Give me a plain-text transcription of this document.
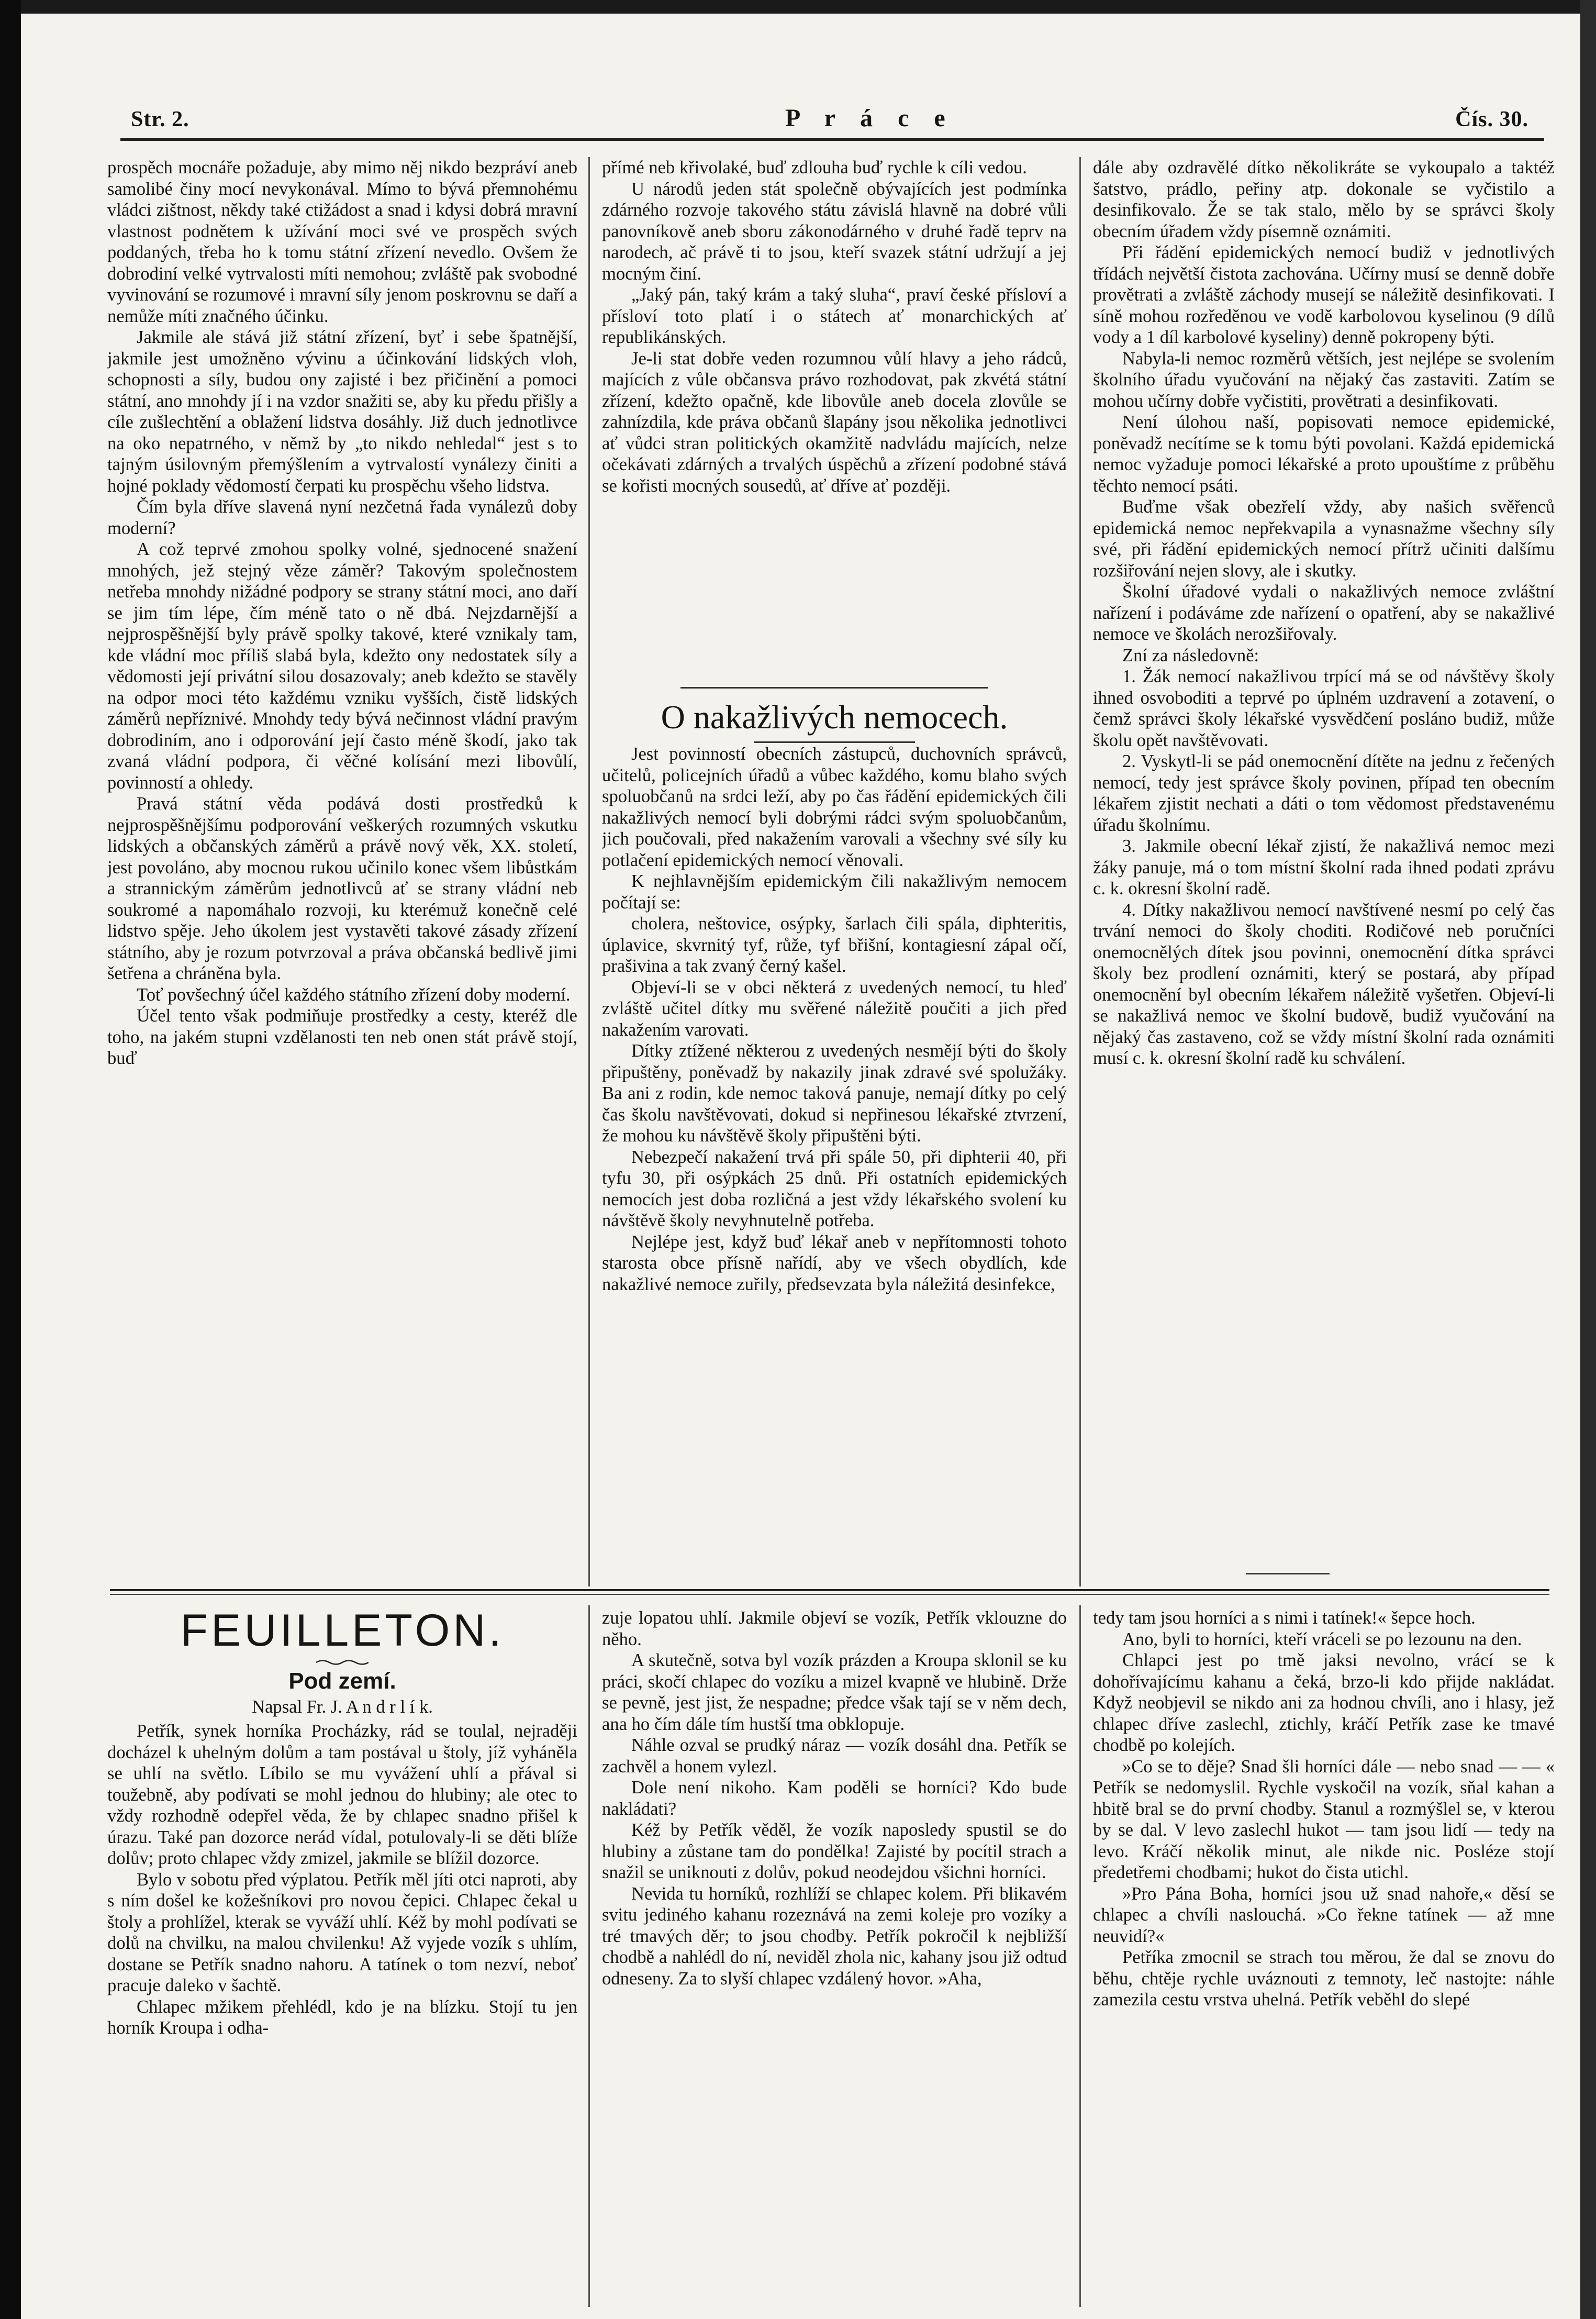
Str. 2.	P r á c e	Čís. 30.

prospěch mocnáře požaduje, aby mimo něj nikdo bezpráví aneb samolibé činy mocí nevykonával. Mímo to bývá přemnohému vládci zištnost, někdy také ctižádost a snad i kdysi dobrá mravní vlastnost podnětem k užívání moci své ve prospěch svých poddaných, třeba ho k tomu státní zřízení nevedlo. Ovšem že dobrodiní velké vytrvalosti míti nemohou; zvláště pak svobodné vyvinování se rozumové i mravní síly jenom poskrovnu se daří a nemůže míti značného účinku.

Jakmile ale stává již státní zřízení, byť i sebe špatnější, jakmile jest umožněno vývinu a účinkování lidských vloh, schopnosti a síly, budou ony zajisté i bez přičinění a pomoci státní, ano mnohdy jí i na vzdor snažiti se, aby ku předu přišly a cíle zušlechtění a oblažení lidstva dosáhly. Již duch jednotlivce na oko nepatrného, v němž by „to nikdo nehledal“ jest s to tajným úsilovným přemýšlením a vytrvalostí vynálezy činiti a hojné poklady vědomostí čerpati ku prospěchu všeho lidstva.

Čím byla dříve slavená nyní nezčetná řada vynálezů doby moderní?

A což teprvé zmohou spolky volné, sjednocené snažení mnohých, jež stejný věze záměr? Takovým společnostem netřeba mnohdy nižádné podpory se strany státní moci, ano daří se jim tím lépe, čím méně tato o ně dbá. Nejzdarnější a nejprospěšnější byly právě spolky takové, které vznikaly tam, kde vládní moc příliš slabá byla, kdežto ony nedostatek síly a vědomosti její privátní silou dosazovaly; aneb kdežto se stavěly na odpor moci této každému vzniku vyšších, čistě lidských záměrů nepříznivé. Mnohdy tedy bývá nečinnost vládní pravým dobrodiním, ano i odporování její často méně škodí, jako tak zvaná vládní podpora, či věčné kolísání mezi libovůlí, povinností a ohledy.

Pravá státní věda podává dosti prostředků k nejprospěšnějšímu podporování veškerých rozumných vskutku lidských a občanských záměrů a právě nový věk, XX. století, jest povoláno, aby mocnou rukou učinilo konec všem libůstkám a strannickým záměrům jednotlivců ať se strany vládní neb soukromé a napomáhalo rozvoji, ku kterémuž konečně celé lidstvo spěje. Jeho úkolem jest vystavěti takové zásady zřízení státního, aby je rozum potvrzoval a práva občanská bedlivě jimi šetřena a chráněna byla.

Toť povšechný účel každého státního zřízení doby moderní.

Účel tento však podmiňuje prostředky a cesty, kteréž dle toho, na jakém stupni vzdělanosti ten neb onen stát právě stojí, buď

přímé neb křivolaké, buď zdlouha buď rychle k cíli vedou.

U národů jeden stát společně obývajících jest podmínka zdárného rozvoje takového státu závislá hlavně na dobré vůli panovníkově aneb sboru zákonodárného v druhé řadě teprv na narodech, ač právě ti to jsou, kteří svazek státní udržují a jej mocným činí.

„Jaký pán, taký krám a taký sluha“, praví české přísloví a přísloví toto platí i o státech ať monarchických ať republikánských.

Je-li stat dobře veden rozumnou vůlí hlavy a jeho rádců, majících z vůle občansva právo rozhodovat, pak zkvétá státní zřízení, kdežto opačně, kde libovůle aneb docela zlovůle se zahnízdila, kde práva občanů šlapány jsou několika jednotlivci ať vůdci stran politických okamžitě nadvládu majících, nelze očekávati zdárných a trvalých úspěchů a zřízení podobné stává se kořisti mocných sousedů, ať dříve ať později.

O nakažlivých nemocech.

Jest povinností obecních zástupců, duchovních správců, učitelů, policejních úřadů a vůbec každého, komu blaho svých spoluobčanů na srdci leží, aby po čas řádění epidemických čili nakažlivých nemocí byli dobrými rádci svým spoluobčanům, jich poučovali, před nakažením varovali a všechny své síly ku potlačení epidemických nemocí věnovali.

K nejhlavnějším epidemickým čili nakažlivým nemocem počítají se:

cholera, neštovice, osýpky, šarlach čili spála, diphteritis, úplavice, skvrnitý tyf, růže, tyf břišní, kontagiesní zápal očí, prašivina a tak zvaný černý kašel.

Objeví-li se v obci některá z uvedených nemocí, tu hleď zvláště učitel dítky mu svěřené náležitě poučiti a jich před nakažením varovati.

Dítky ztížené některou z uvedených nesmějí býti do školy připuštěny, poněvadž by nakazily jinak zdravé své spolužáky. Ba ani z rodin, kde nemoc taková panuje, nemají dítky po celý čas školu navštěvovati, dokud si nepřinesou lékařské ztvrzení, že mohou ku návštěvě školy připuštěni býti.

Nebezpečí nakažení trvá při spále 50, při diphterii 40, při tyfu 30, při osýpkách 25 dnů. Při ostatních epidemických nemocích jest doba rozličná a jest vždy lékařského svolení ku návštěvě školy nevyhnutelně potřeba.

Nejlépe jest, když buď lékař aneb v nepřítomnosti tohoto starosta obce přísně nařídí, aby ve všech obydlích, kde nakažlivé nemoce zuřily, předsevzata byla náležitá desinfekce,

dále aby ozdravělé dítko několikráte se vykoupalo a taktéž šatstvo, prádlo, peřiny atp. dokonale se vyčistilo a desinfikovalo. Že se tak stalo, mělo by se správci školy obecním úřadem vždy písemně oznámiti.

Při řádění epidemických nemocí budiž v jednotlivých třídách největší čistota zachována. Učírny musí se denně dobře provětrati a zvláště záchody musejí se náležitě desinfikovati. I síně mohou rozředěnou ve vodě karbolovou kyselinou (9 dílů vody a 1 díl karbolové kyseliny) denně pokropeny býti.

Nabyla-li nemoc rozměrů větších, jest nejlépe se svolením školního úřadu vyučování na nějaký čas zastaviti. Zatím se mohou učírny dobře vyčistiti, provětrati a desinfikovati.

Není úlohou naší, popisovati nemoce epidemické, poněvadž necítíme se k tomu býti povolani. Každá epidemická nemoc vyžaduje pomoci lékařské a proto upouštíme z průběhu těchto nemocí psáti.

Buďme však obezřelí vždy, aby našich svěřenců epidemická nemoc nepřekvapila a vynasnažme všechny síly své, při řádění epidemických nemocí přítrž učiniti dalšímu rozšiřování nejen slovy, ale i skutky.

Školní úřadové vydali o nakažlivých nemoce zvláštní nařízení i podáváme zde nařízení o opatření, aby se nakažlivé nemoce ve školách nerozšiřovaly.

Zní za následovně:

1. Žák nemocí nakažlivou trpící má se od návštěvy školy ihned osvoboditi a teprvé po úplném uzdravení a zotavení, o čemž správci školy lékařské vysvědčení posláno budiž, může školu opět navštěvovati.

2. Vyskytl-li se pád onemocnění dítěte na jednu z řečených nemocí, tedy jest správce školy povinen, případ ten obecním lékařem zjistit nechati a dáti o tom vědomost představenému úřadu školnímu.

3. Jakmile obecní lékař zjistí, že nakažlivá nemoc mezi žáky panuje, má o tom místní školní rada ihned podati zprávu c. k. okresní školní radě.

4. Dítky nakažlivou nemocí navštívené nesmí po celý čas trvání nemoci do školy choditi. Rodičové neb poručníci onemocnělých dítek jsou povinni, onemocnění dítka správci školy bez prodlení oznámiti, který se postará, aby případ onemocnění byl obecním lékařem náležitě vyšetřen. Objeví-li se nakažlivá nemoc ve školní budově, budiž vyučování na nějaký čas zastaveno, což se vždy místní školní rada oznámiti musí c. k. okresní školní radě ku schválení.

FEUILLETON.
Pod zemí.
Napsal Fr. J. A n d r l í k.

Petřík, synek horníka Procházky, rád se toulal, nejraději docházel k uhelným dolům a tam postával u štoly, jíž vyháněla se uhlí na světlo. Líbilo se mu vyvážení uhlí a přával si toužebně, aby podívati se mohl jednou do hlubiny; ale otec to vždy rozhodně odepřel věda, že by chlapec snadno přišel k úrazu. Také pan dozorce nerád vídal, potulovaly-li se děti blíže dolův; proto chlapec vždy zmizel, jakmile se blížil dozorce.

Bylo v sobotu před výplatou. Petřík měl jíti otci naproti, aby s ním došel ke kožešníkovi pro novou čepici. Chlapec čekal u štoly a prohlížel, kterak se vyváží uhlí. Kéž by mohl podívati se dolů na chvilku, na malou chvilenku! Až vyjede vozík s uhlím, dostane se Petřík snadno nahoru. A tatínek o tom nezví, neboť pracuje daleko v šachtě.

Chlapec mžikem přehlédl, kdo je na blízku. Stojí tu jen horník Kroupa i odha-

zuje lopatou uhlí. Jakmile objeví se vozík, Petřík vklouzne do něho.

A skutečně, sotva byl vozík prázden a Kroupa sklonil se ku práci, skočí chlapec do vozíku a mizel kvapně ve hlubině. Drže se pevně, jest jist, že nespadne; předce však tají se v něm dech, ana ho čím dále tím hustší tma obklopuje.

Náhle ozval se prudký náraz — vozík dosáhl dna. Petřík se zachvěl a honem vylezl.

Dole není nikoho. Kam poděli se horníci? Kdo bude nakládati?

Kéž by Petřík věděl, že vozík naposledy spustil se do hlubiny a zůstane tam do pondělka! Zajisté by pocítil strach a snažil se uniknouti z dolův, pokud neodejdou všichni horníci.

Nevida tu horníků, rozhlíží se chlapec kolem. Při blikavém svitu jediného kahanu rozeznává na zemi koleje pro vozíky a tré tmavých děr; to jsou chodby. Petřík pokročil k nejbližší chodbě a nahlédl do ní, neviděl zhola nic, kahany jsou již odtud odneseny. Za to slyší chlapec vzdálený hovor. »Aha,

tedy tam jsou horníci a s nimi i tatínek!« šepce hoch.

Ano, byli to horníci, kteří vráceli se po lezounu na den.

Chlapci jest po tmě jaksi nevolno, vrácí se k dohořívajícímu kahanu a čeká, brzo-li kdo přijde nakládat. Když neobjevil se nikdo ani za hodnou chvíli, ano i hlasy, jež chlapec dříve zaslechl, ztichly, kráčí Petřík zase ke tmavé chodbě po kolejích.

»Co se to děje? Snad šli horníci dále — nebo snad — — « Petřík se nedomyslil. Rychle vyskočil na vozík, sňal kahan a hbitě bral se do první chodby. Stanul a rozmýšlel se, v kterou by se dal. V levo zaslechl hukot — tam jsou lidí — tedy na levo. Kráčí několik minut, ale nikde nic. Posléze stojí předetřemi chodbami; hukot do čista utichl.

»Pro Pána Boha, horníci jsou už snad nahoře,« děsí se chlapec a chvíli naslouchá. »Co řekne tatínek — až mne neuvidí?«

Petříka zmocnil se strach tou měrou, že dal se znovu do běhu, chtěje rychle uváznouti z temnoty, leč nastojte: náhle zamezila cestu vrstva uhelná. Petřík veběhl do slepé
